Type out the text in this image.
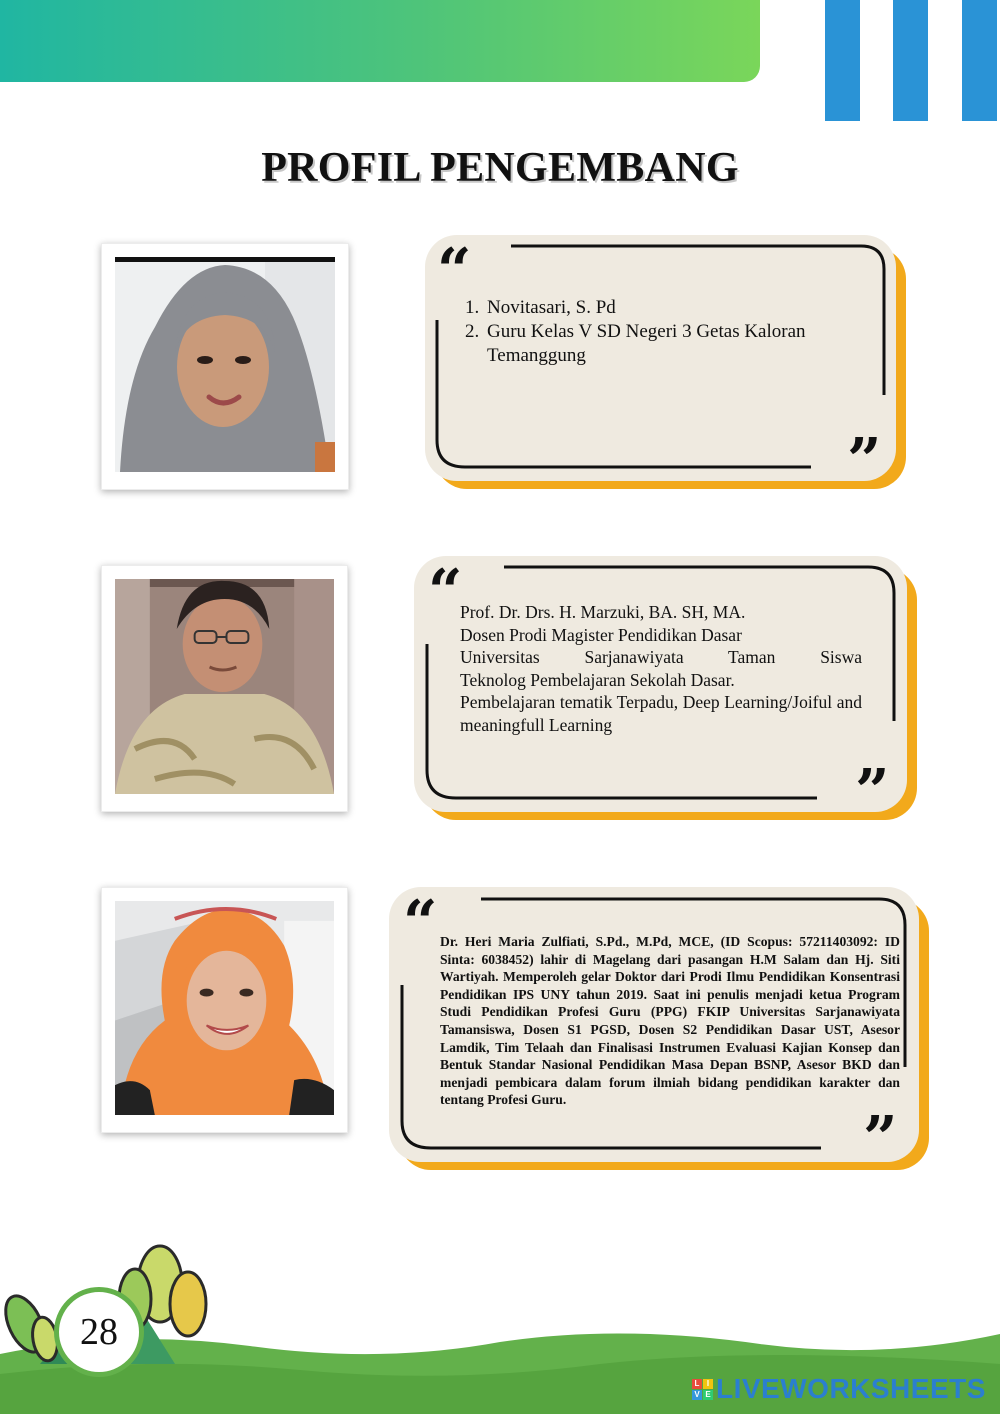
PROFIL PENGEMBANG
“
”
1. Novitasari, S. Pd
2. Guru Kelas V SD Negeri 3 Getas Kaloran Temanggung
“
”

Prof. Dr. Drs. H. Marzuki, BA. SH, MA.

Dosen Prodi Magister Pendidikan Dasar

Universitas Sarjanawiyata Taman Siswa

Teknolog Pembelajaran Sekolah Dasar.

Pembelajaran tematik Terpadu, Deep Learning/Joiful and meaningfull Learning

“
”

Dr. Heri Maria Zulfiati, S.Pd., M.Pd, MCE, (ID Scopus: 57211403092: ID Sinta: 6038452) lahir di Magelang dari pasangan H.M Salam dan Hj. Siti Wartiyah. Memperoleh gelar Doktor dari Prodi Ilmu Pendidikan Konsentrasi Pendidikan IPS UNY tahun 2019. Saat ini penulis menjadi ketua Program Studi Pendidikan Profesi Guru (PPG) FKIP Universitas Sarjanawiyata Tamansiswa, Dosen S1 PGSD, Dosen S2 Pendidikan Dasar UST, Asesor Lamdik, Tim Telaah dan Finalisasi Instrumen Evaluasi Kajian Konsep dan Bentuk Standar Nasional Pendidikan Masa Depan BSNP, Asesor BKD dan menjadi pembicara dalam forum ilmiah bidang pendidikan karakter dan tentang Profesi Guru.

28
L I
V E LIVEWORKSHEETS
